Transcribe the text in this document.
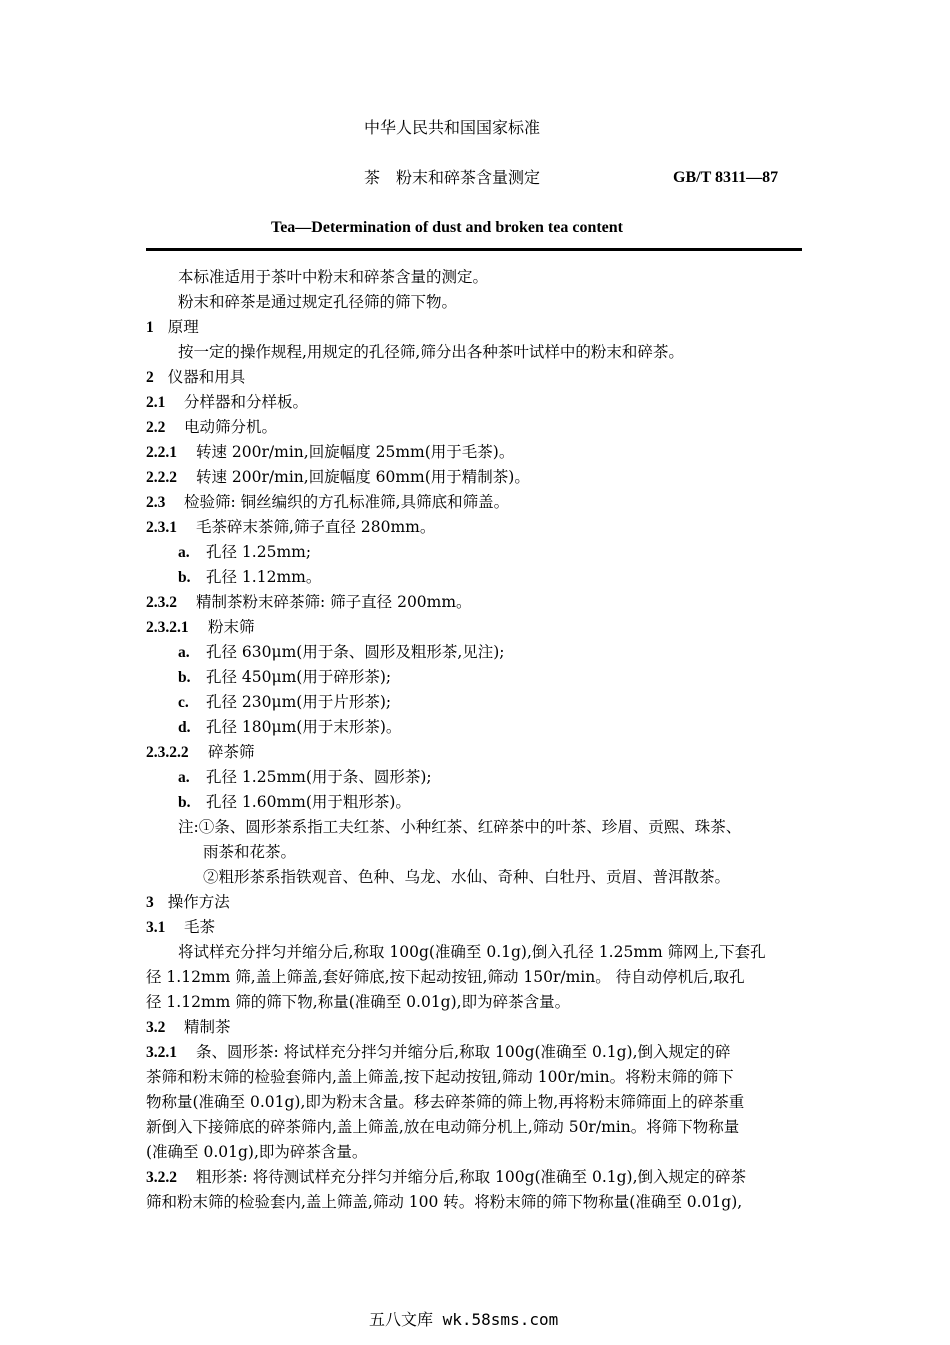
中华人民共和国国家标准
茶　粉末和碎茶含量测定	GB/T 8311—87
Tea—Determination of dust and broken tea content
本标准适用于茶叶中粉末和碎茶含量的测定。
粉末和碎茶是通过规定孔径筛的筛下物。
1 原理
按一定的操作规程,用规定的孔径筛,筛分出各种茶叶试样中的粉末和碎茶。
2 仪器和用具
2.1 分样器和分样板。
2.2 电动筛分机。
2.2.1 转速 200r/min,回旋幅度 25mm(用于毛茶)。
2.2.2 转速 200r/min,回旋幅度 60mm(用于精制茶)。
2.3 检验筛: 铜丝编织的方孔标准筛,具筛底和筛盖。
2.3.1 毛茶碎末茶筛,筛子直径 280mm。
a. 孔径 1.25mm;
b. 孔径 1.12mm。
2.3.2 精制茶粉末碎茶筛: 筛子直径 200mm。
2.3.2.1 粉末筛
a. 孔径 630μm(用于条、圆形及粗形茶,见注);
b. 孔径 450μm(用于碎形茶);
c. 孔径 230μm(用于片形茶);
d. 孔径 180μm(用于末形茶)。
2.3.2.2 碎茶筛
a. 孔径 1.25mm(用于条、圆形茶);
b. 孔径 1.60mm(用于粗形茶)。
注:①条、圆形茶系指工夫红茶、小种红茶、红碎茶中的叶茶、珍眉、贡熙、珠茶、
雨茶和花茶。
②粗形茶系指铁观音、色种、乌龙、水仙、奇种、白牡丹、贡眉、普洱散茶。
3 操作方法
3.1 毛茶
将试样充分拌匀并缩分后,称取 100g(准确至 0.1g),倒入孔径 1.25mm 筛网上,下套孔
径 1.12mm 筛,盖上筛盖,套好筛底,按下起动按钮,筛动 150r/min。 待自动停机后,取孔
径 1.12mm 筛的筛下物,称量(准确至 0.01g),即为碎茶含量。
3.2 精制茶
3.2.1 条、圆形茶: 将试样充分拌匀并缩分后,称取 100g(准确至 0.1g),倒入规定的碎
茶筛和粉末筛的检验套筛内,盖上筛盖,按下起动按钮,筛动 100r/min。将粉末筛的筛下
物称量(准确至 0.01g),即为粉末含量。移去碎茶筛的筛上物,再将粉末筛筛面上的碎茶重
新倒入下接筛底的碎茶筛内,盖上筛盖,放在电动筛分机上,筛动 50r/min。将筛下物称量
(准确至 0.01g),即为碎茶含量。
3.2.2 粗形茶: 将待测试样充分拌匀并缩分后,称取 100g(准确至 0.1g),倒入规定的碎茶
筛和粉末筛的检验套内,盖上筛盖,筛动 100 转。将粉末筛的筛下物称量(准确至 0.01g),
五八文库 wk.58sms.com
